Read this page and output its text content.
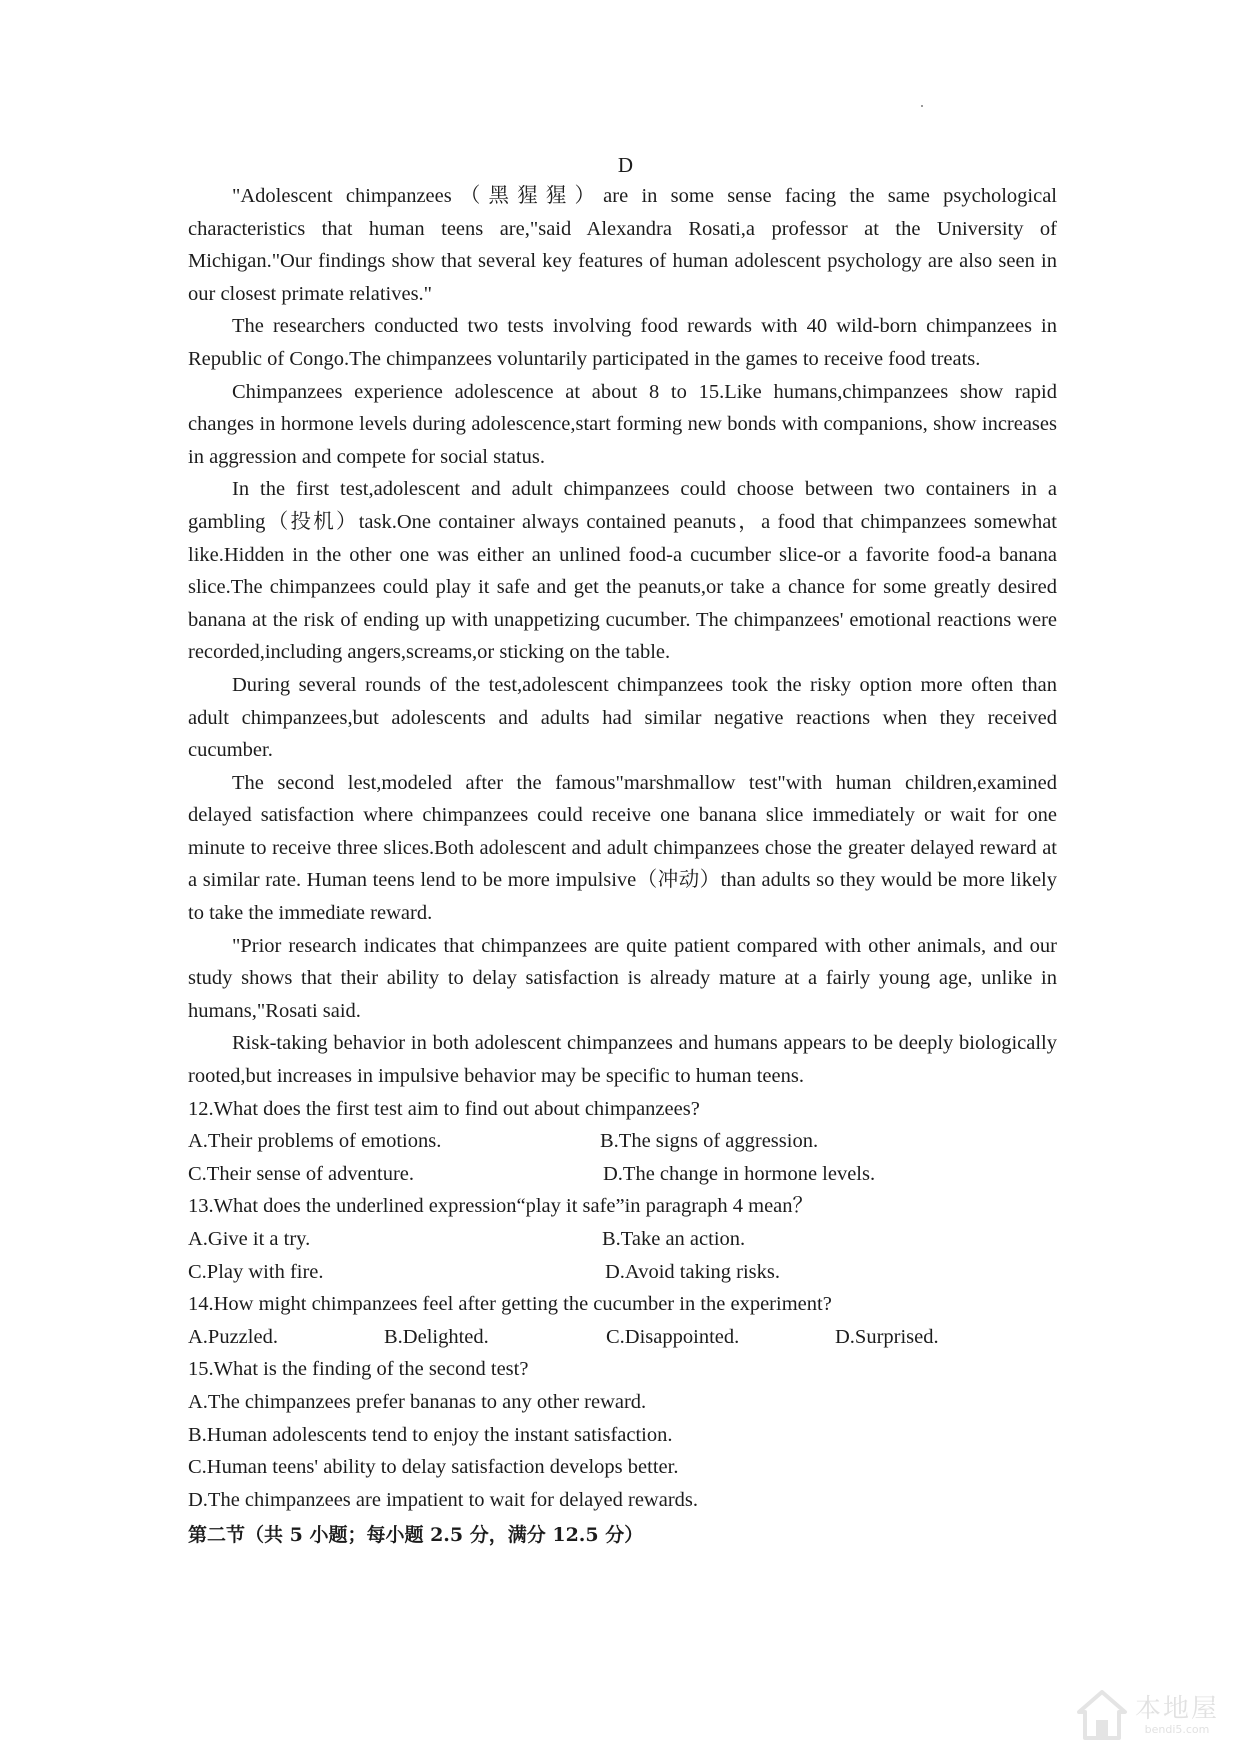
D

"Adolescent chimpanzees（黑猩猩）are in some sense facing the same psychological characteristics that human teens are,"said Alexandra Rosati,a professor at the University of Michigan."Our findings show that several key features of human adolescent psychology are also seen in our closest primate relatives."

The researchers conducted two tests involving food rewards with 40 wild-born chimpanzees in Republic of Congo.The chimpanzees voluntarily participated in the games to receive food treats.

Chimpanzees experience adolescence at about 8 to 15.Like humans,chimpanzees show rapid changes in hormone levels during adolescence,start forming new bonds with companions, show increases in aggression and compete for social status.

In the first test,adolescent and adult chimpanzees could choose between two containers in a gambling（投机）task.One container always contained peanuts，a food that chimpanzees somewhat like.Hidden in the other one was either an unlined food-a cucumber slice-or a favorite food-a banana slice.The chimpanzees could play it safe and get the peanuts,or take a chance for some greatly desired banana at the risk of ending up with unappetizing cucumber. The chimpanzees' emotional reactions were recorded,including angers,screams,or sticking on the table.

During several rounds of the test,adolescent chimpanzees took the risky option more often than adult chimpanzees,but adolescents and adults had similar negative reactions when they received cucumber.

The second lest,modeled after the famous"marshmallow test"with human children,examined delayed satisfaction where chimpanzees could receive one banana slice immediately or wait for one minute to receive three slices.Both adolescent and adult chimpanzees chose the greater delayed reward at a similar rate. Human teens lend to be more impulsive（冲动）than adults so they would be more likely to take the immediate reward.

"Prior research indicates that chimpanzees are quite patient compared with other animals, and our study shows that their ability to delay satisfaction is already mature at a fairly young age, unlike in humans,"Rosati said.

Risk-taking behavior in both adolescent chimpanzees and humans appears to be deeply biologically rooted,but increases in impulsive behavior may be specific to human teens.

12.What does the first test aim to find out about chimpanzees?

A.Their problems of emotions.	B.The signs of aggression.
C.Their sense of adventure.	D.The change in hormone levels.

13.What does the underlined expression“play it safe”in paragraph 4 mean？

A.Give it a try.	B.Take an action.
C.Play with fire.	D.Avoid taking risks.

14.How might chimpanzees feel after getting the cucumber in the experiment?

A.Puzzled.	B.Delighted.	C.Disappointed.	D.Surprised.

15.What is the finding of the second test?

A.The chimpanzees prefer bananas to any other reward.
B.Human adolescents tend to enjoy the instant satisfaction.
C.Human teens' ability to delay satisfaction develops better.
D.The chimpanzees are impatient to wait for delayed rewards.
第二节（共 5 小题；每小题 2.5 分，满分 12.5 分）
本地屋
bendi5.com
